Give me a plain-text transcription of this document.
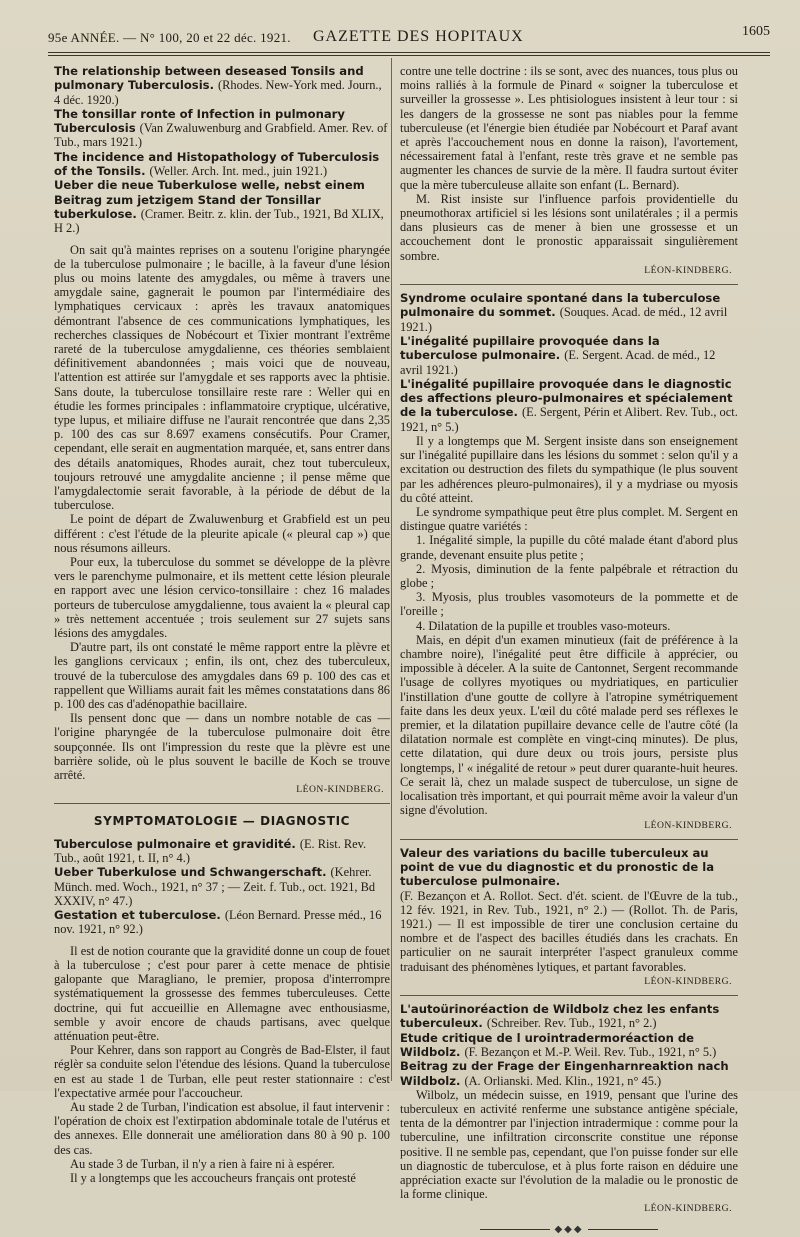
95e ANNÉE. — N° 100, 20 et 22 déc. 1921. GAZETTE DES HOPITAUX	1605
The relationship between deseased Tonsils and pulmonary Tuberculosis. (Rhodes. New-York med. Journ., 4 déc. 1920.)
The tonsillar ronte of Infection in pulmonary Tuberculosis (Van Zwaluwenburg and Grabfield. Amer. Rev. of Tub., mars 1921.)
The incidence and Histopathology of Tuberculosis of the Tonsils. (Weller. Arch. Int. med., juin 1921.)
Ueber die neue Tuberkulose welle, nebst einem Beitrag zum jetzigem Stand der Tonsillar tuberkulose. (Cramer. Beitr. z. klin. der Tub., 1921, Bd XLIX, H 2.)

On sait qu'à maintes reprises on a soutenu l'origine pharyngée de la tuberculose pulmonaire ; le bacille, à la faveur d'une lésion plus ou moins latente des amygdales, ou même à travers une amygdale saine, gagnerait le poumon par l'intermédiaire des lymphatiques cervicaux : après les travaux anatomiques démontrant l'absence de ces communications lymphatiques, les recherches classiques de Nobécourt et Tixier montrant l'extrême rareté de la tuberculose amygdalienne, ces théories semblaient définitivement abandonnées ; mais voici que de nouveau, l'attention est attirée sur l'amygdale et ses rapports avec la phtisie. Sans doute, la tuberculose tonsillaire reste rare : Weller qui en étudie les formes principales : inflammatoire cryptique, ulcérative, type lupus, et miliaire diffuse ne l'aurait rencontrée que dans 2,35 p. 100 des cas sur 8.697 examens consécutifs. Pour Cramer, cependant, elle serait en augmentation marquée, et, sans entrer dans des détails anatomiques, Rhodes aurait, chez tout tuberculeux, toujours retrouvé une amygdalite ancienne ; il pense même que l'amygdalectomie serait favorable, à la période de début de la tuberculose.

Le point de départ de Zwaluwenburg et Grabfield est un peu différent : c'est l'étude de la pleurite apicale (« pleural cap ») que nous résumons ailleurs.

Pour eux, la tuberculose du sommet se développe de la plèvre vers le parenchyme pulmonaire, et ils mettent cette lésion pleurale en rapport avec une lésion cervico-tonsillaire : chez 16 malades porteurs de tuberculose amygdalienne, tous avaient la « pleural cap » très nettement accentuée ; trois seulement sur 27 sujets sans lésions des amygdales.

D'autre part, ils ont constaté le même rapport entre la plèvre et les ganglions cervicaux ; enfin, ils ont, chez des tuberculeux, trouvé de la tuberculose des amygdales dans 69 p. 100 des cas et rappellent que Williams aurait fait les mêmes constatations dans 86 p. 100 des cas d'adénopathie bacillaire.

Ils pensent donc que — dans un nombre notable de cas — l'origine pharyngée de la tuberculose pulmonaire doit être soupçonnée. Ils ont l'impression du reste que la plèvre est une barrière solide, où le plus souvent le bacille de Koch se trouve arrêté.

LÉON-KINDBERG.
SYMPTOMATOLOGIE — DIAGNOSTIC
Tuberculose pulmonaire et gravidité. (E. Rist. Rev. Tub., août 1921, t. II, n° 4.)
Ueber Tuberkulose und Schwangerschaft. (Kehrer. Münch. med. Woch., 1921, n° 37 ; — Zeit. f. Tub., oct. 1921, Bd XXXIV, n° 47.)
Gestation et tuberculose. (Léon Bernard. Presse méd., 16 nov. 1921, n° 92.)

Il est de notion courante que la gravidité donne un coup de fouet à la tuberculose ; c'est pour parer à cette menace de phtisie galopante que Maragliano, le premier, proposa d'interrompre systématiquement la grossesse des femmes tuberculeuses. Cette doctrine, qui fut accueillie en Allemagne avec enthousiasme, semble y avoir encore de chauds partisans, avec quelque atténuation peut-être.

Pour Kehrer, dans son rapport au Congrès de Bad-Elster, il faut réglèr sa conduite selon l'étendue des lésions. Quand la tuberculose en est au stade 1 de Turban, elle peut rester stationnaire : c'est l'expectative armée pour l'accoucheur.

Au stade 2 de Turban, l'indication est absolue, il faut intervenir : l'opération de choix est l'extirpation abdominale totale de l'utérus et des annexes. Elle donnerait une amélioration dans 80 à 90 p. 100 des cas.

Au stade 3 de Turban, il n'y a rien à faire ni à espérer.

Il y a longtemps que les accoucheurs français ont protesté

contre une telle doctrine : ils se sont, avec des nuances, tous plus ou moins ralliés à la formule de Pinard « soigner la tuberculose et surveiller la grossesse ». Les phtisiologues insistent à leur tour : si les dangers de la grossesse ne sont pas niables pour la femme tuberculeuse (et l'énergie bien étudiée par Nobécourt et Paraf avant et après l'accouchement nous en donne la raison), l'avortement, nécessairement fatal à l'enfant, reste très grave et ne semble pas augmenter les chances de survie de la mère. Il faudra surtout éviter que la mère tuberculeuse allaite son enfant (L. Bernard).

M. Rist insiste sur l'influence parfois providentielle du pneumothorax artificiel si les lésions sont unilatérales ; il a permis dans plusieurs cas de mener à bien une grossesse et un accouchement dont le pronostic apparaissait singulièrement sombre.

LÉON-KINDBERG.
Syndrome oculaire spontané dans la tuberculose pulmonaire du sommet. (Souques. Acad. de méd., 12 avril 1921.)
L'inégalité pupillaire provoquée dans la tuberculose pulmonaire. (E. Sergent. Acad. de méd., 12 avril 1921.)
L'inégalité pupillaire provoquée dans le diagnostic des affections pleuro-pulmonaires et spécialement de la tuberculose. (E. Sergent, Périn et Alibert. Rev. Tub., oct. 1921, n° 5.)

Il y a longtemps que M. Sergent insiste dans son enseignement sur l'inégalité pupillaire dans les lésions du sommet : selon qu'il y a excitation ou destruction des filets du sympathique (le plus souvent par les adhérences pleuro-pulmonaires), il y a mydriase ou myosis du côté atteint.

Le syndrome sympathique peut être plus complet. M. Sergent en distingue quatre variétés :

1. Inégalité simple, la pupille du côté malade étant d'abord plus grande, devenant ensuite plus petite ;

2. Myosis, diminution de la fente palpébrale et rétraction du globe ;

3. Myosis, plus troubles vasomoteurs de la pommette et de l'oreille ;

4. Dilatation de la pupille et troubles vaso-moteurs.

Mais, en dépit d'un examen minutieux (fait de préférence à la chambre noire), l'inégalité peut être difficile à apprécier, ou impossible à déceler. A la suite de Cantonnet, Sergent recommande l'usage de collyres myotiques ou mydriatiques, en particulier l'instillation d'une goutte de collyre à l'atropine symétriquement faite dans les deux yeux. L'œil du côté malade perd ses réflexes le premier, et la dilatation pupillaire devance celle de l'autre côté (la dilatation normale est complète en vingt-cinq minutes). De plus, cette dilatation, qui dure deux ou trois jours, persiste plus longtemps, l' « inégalité de retour » peut durer quarante-huit heures. Ce serait là, chez un malade suspect de tuberculose, un signe de localisation très important, et qui pourrait même avoir la valeur d'un signe d'évolution.

LÉON-KINDBERG.
Valeur des variations du bacille tuberculeux au point de vue du diagnostic et du pronostic de la tuberculose pulmonaire.

(F. Bezançon et A. Rollot. Sect. d'ét. scient. de l'Œuvre de la tub., 12 fév. 1921, in Rev. Tub., 1921, n° 2.) — (Rollot. Th. de Paris, 1921.) — Il est impossible de tirer une conclusion certaine du nombre et de l'aspect des bacilles étudiés dans les crachats. En particulier on ne saurait interpréter l'aspect granuleux comme traduisant des phénomènes lytiques, et partant favorables.

LÉON-KINDBERG.
L'autoürinoréaction de Wildbolz chez les enfants tuberculeux. (Schreiber. Rev. Tub., 1921, n° 2.)
Etude critique de l urointradermoréaction de Wildbolz. (F. Bezançon et M.-P. Weil. Rev. Tub., 1921, n° 5.)
Beitrag zu der Frage der Eingenharnreaktion nach Wildbolz. (A. Orlianski. Med. Klin., 1921, n° 45.)

Wilbolz, un médecin suisse, en 1919, pensant que l'urine des tuberculeux en activité renferme une substance antigène spéciale, tenta de la démontrer par l'injection intradermique : comme pour la tuberculine, une infiltration circonscrite constitue une réponse positive. Il ne semble pas, cependant, que l'on puisse fonder sur elle un diagnostic de tuberculose, et à plus forte raison en déduire une appréciation exacte sur l'évolution de la maladie ou le pronostic de la forme clinique.

LÉON-KINDBERG.
◆◆◆
